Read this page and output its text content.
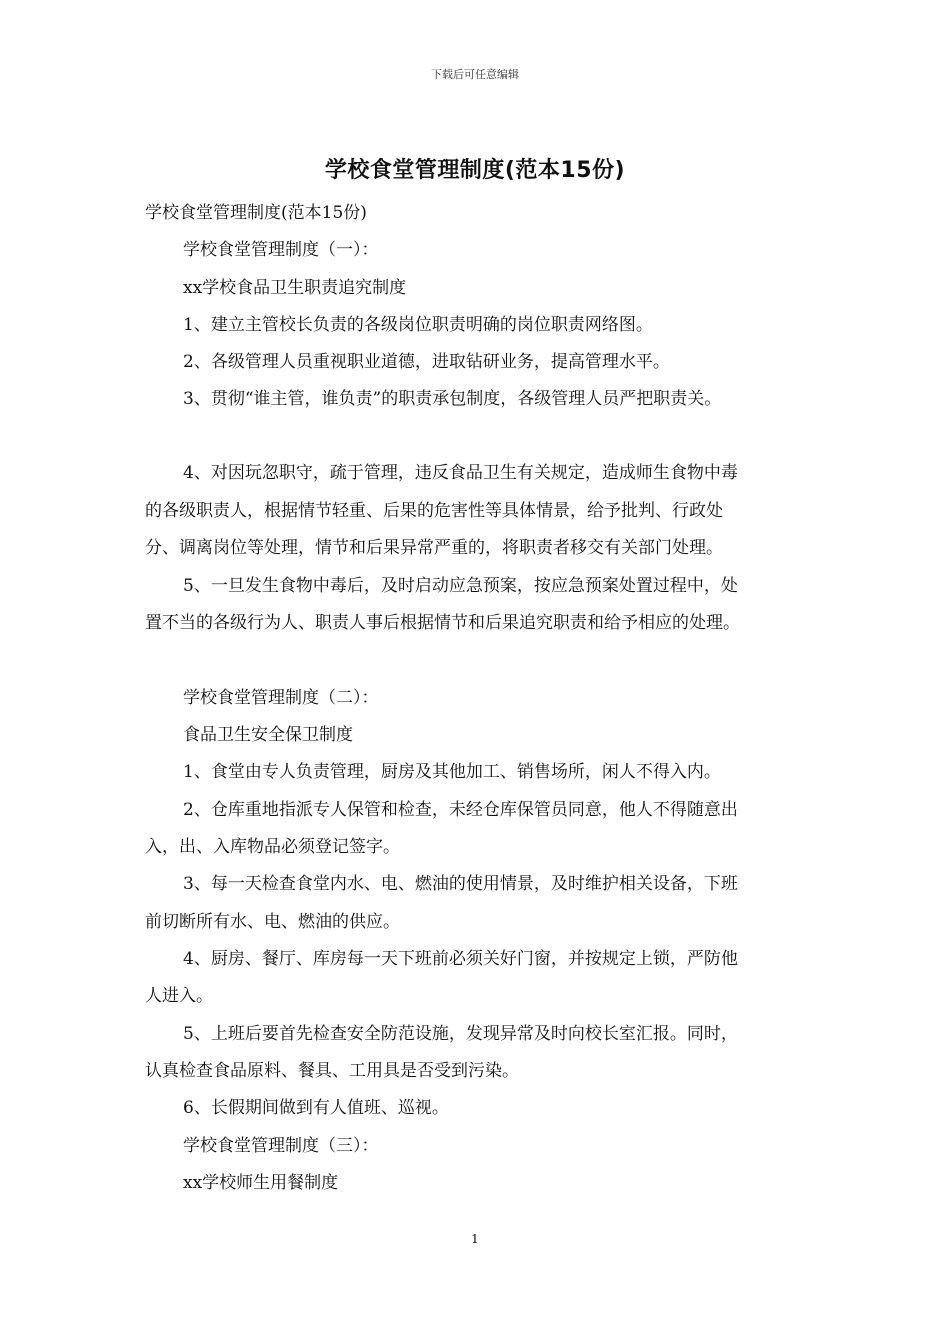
下载后可任意编辑
学校食堂管理制度(范本15份)
学校食堂管理制度(范本15份)
学校食堂管理制度（一）：
xx学校食品卫生职责追究制度
1、建立主管校长负责的各级岗位职责明确的岗位职责网络图。
2、各级管理人员重视职业道德，进取钻研业务，提高管理水平。
3、贯彻“谁主管，谁负责”的职责承包制度，各级管理人员严把职责关。
4、对因玩忽职守，疏于管理，违反食品卫生有关规定，造成师生食物中毒
的各级职责人，根据情节轻重、后果的危害性等具体情景，给予批判、行政处
分、调离岗位等处理，情节和后果异常严重的，将职责者移交有关部门处理。
5、一旦发生食物中毒后，及时启动应急预案，按应急预案处置过程中，处
置不当的各级行为人、职责人事后根据情节和后果追究职责和给予相应的处理。
学校食堂管理制度（二）：
食品卫生安全保卫制度
1、食堂由专人负责管理，厨房及其他加工、销售场所，闲人不得入内。
2、仓库重地指派专人保管和检查，未经仓库保管员同意，他人不得随意出
入，出、入库物品必须登记签字。
3、每一天检查食堂内水、电、燃油的使用情景，及时维护相关设备，下班
前切断所有水、电、燃油的供应。
4、厨房、餐厅、库房每一天下班前必须关好门窗，并按规定上锁，严防他
人进入。
5、上班后要首先检查安全防范设施，发现异常及时向校长室汇报。同时，
认真检查食品原料、餐具、工用具是否受到污染。
6、长假期间做到有人值班、巡视。
学校食堂管理制度（三）：
xx学校师生用餐制度
1
